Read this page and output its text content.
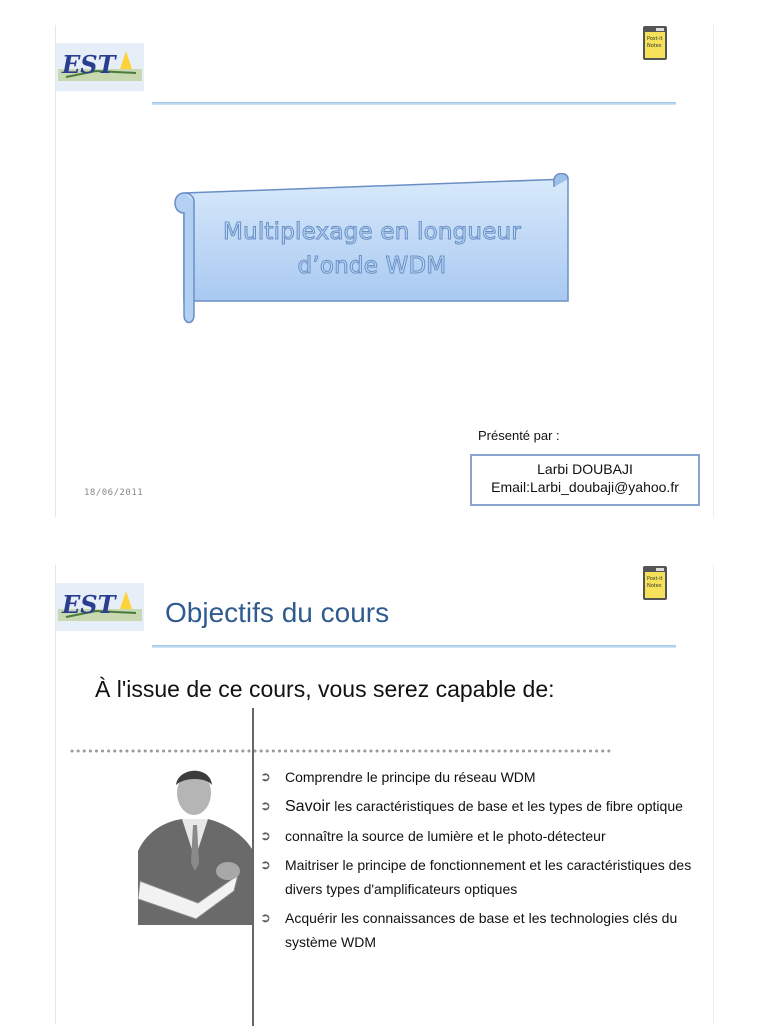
EST
Post-it
Notes
Multiplexage en longueur
d’onde WDM
Présenté par :
Larbi DOUBAJI
Email:Larbi_doubaji@yahoo.fr
18/06/2011
EST
Post-it
Notes
Objectifs du cours
À l'issue de ce cours, vous serez capable de:
➲ Comprendre le principe du réseau WDM
➲ Savoir les caractéristiques de base et les types de fibre optique
➲ connaître la source de lumière et le photo-détecteur
➲ Maitriser le principe de fonctionnement et les caractéristiques des divers types d'amplificateurs optiques
➲ Acquérir les connaissances de base et les technologies clés du système WDM
